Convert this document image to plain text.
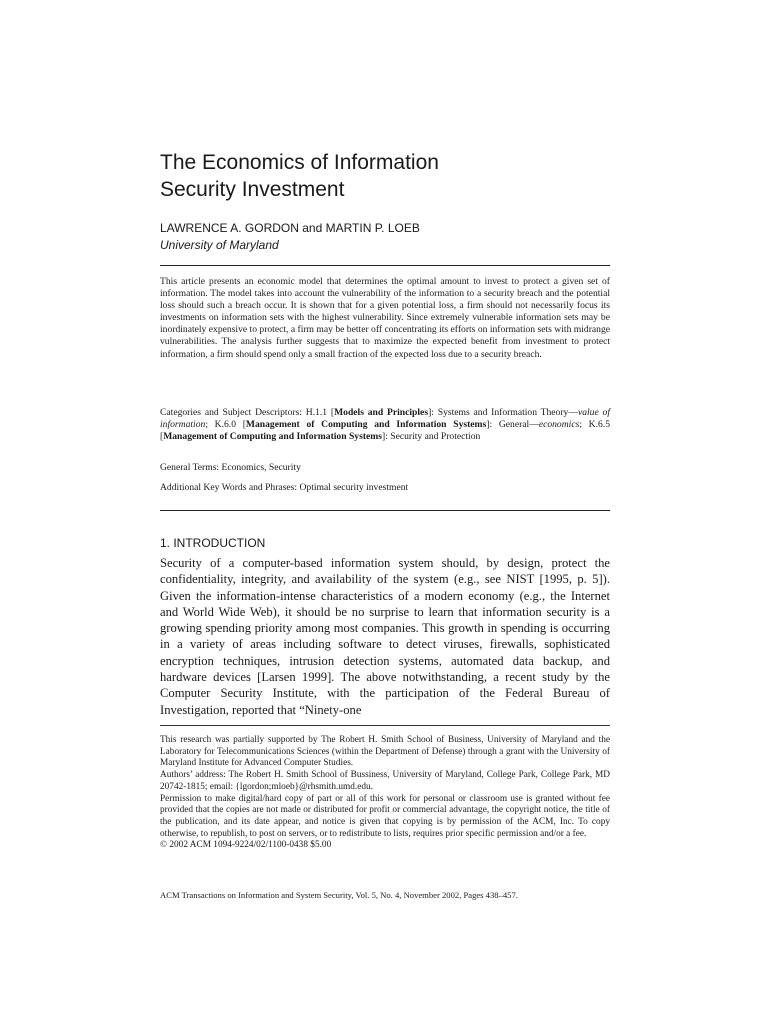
The Economics of Information
Security Investment
LAWRENCE A. GORDON and MARTIN P. LOEB
University of Maryland

This article presents an economic model that determines the optimal amount to invest to protect a given set of information. The model takes into account the vulnerability of the information to a security breach and the potential loss should such a breach occur. It is shown that for a given potential loss, a firm should not necessarily focus its investments on information sets with the highest vulnerability. Since extremely vulnerable information sets may be inordinately expensive to protect, a firm may be better off concentrating its efforts on information sets with midrange vulnerabilities. The analysis further suggests that to maximize the expected benefit from investment to protect information, a firm should spend only a small fraction of the expected loss due to a security breach.

Categories and Subject Descriptors: H.1.1 [Models and Principles]: Systems and Information Theory—value of information; K.6.0 [Management of Computing and Information Systems]: General—economics; K.6.5 [Management of Computing and Information Systems]: Security and Protection

General Terms: Economics, Security

Additional Key Words and Phrases: Optimal security investment

1. INTRODUCTION

Security of a computer-based information system should, by design, protect the confidentiality, integrity, and availability of the system (e.g., see NIST [1995, p. 5]). Given the information-intense characteristics of a modern economy (e.g., the Internet and World Wide Web), it should be no surprise to learn that information security is a growing spending priority among most companies. This growth in spending is occurring in a variety of areas including software to detect viruses, firewalls, sophisticated encryption techniques, intrusion detection systems, automated data backup, and hardware devices [Larsen 1999]. The above notwithstanding, a recent study by the Computer Security Institute, with the participation of the Federal Bureau of Investigation, reported that “Ninety-one

This research was partially supported by The Robert H. Smith School of Business, University of Maryland and the Laboratory for Telecommunications Sciences (within the Department of Defense) through a grant with the University of Maryland Institute for Advanced Computer Studies.
Authors’ address: The Robert H. Smith School of Bussiness, University of Maryland, College Park, College Park, MD 20742-1815; email: {lgordon;mloeb}@rhsmith.umd.edu.
Permission to make digital/hard copy of part or all of this work for personal or classroom use is granted without fee provided that the copies are not made or distributed for profit or commercial advantage, the copyright notice, the title of the publication, and its date appear, and notice is given that copying is by permission of the ACM, Inc. To copy otherwise, to republish, to post on servers, or to redistribute to lists, requires prior specific permission and/or a fee.
© 2002 ACM 1094-9224/02/1100-0438 $5.00
ACM Transactions on Information and System Security, Vol. 5, No. 4, November 2002, Pages 438–457.
